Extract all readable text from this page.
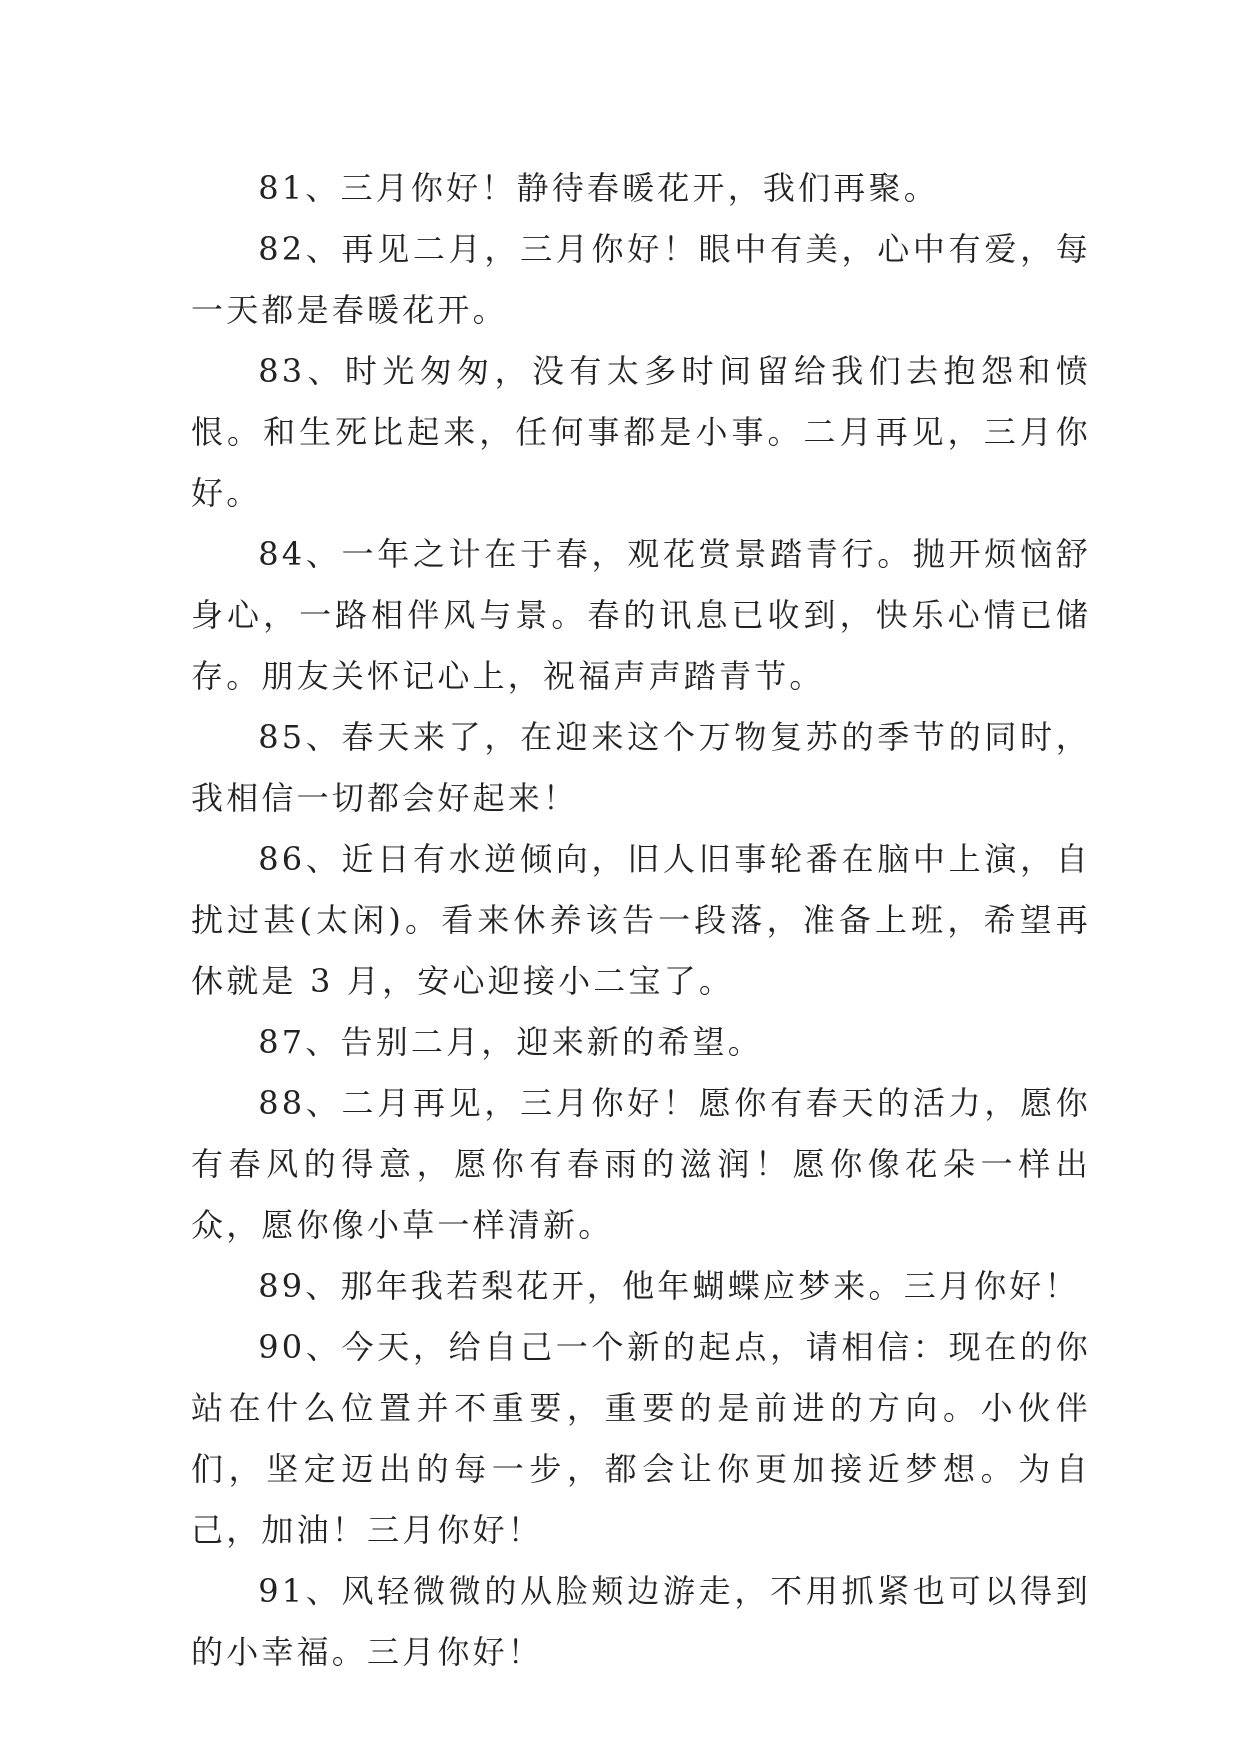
81、三月你好！静待春暖花开，我们再聚。

82、再见二月，三月你好！眼中有美，心中有爱，每一天都是春暖花开。

83、时光匆匆，没有太多时间留给我们去抱怨和愤恨。和生死比起来，任何事都是小事。二月再见，三月你好。

84、一年之计在于春，观花赏景踏青行。抛开烦恼舒身心，一路相伴风与景。春的讯息已收到，快乐心情已储存。朋友关怀记心上，祝福声声踏青节。

85、春天来了，在迎来这个万物复苏的季节的同时，我相信一切都会好起来！

86、近日有水逆倾向，旧人旧事轮番在脑中上演，自扰过甚(太闲)。看来休养该告一段落，准备上班，希望再休就是 3 月，安心迎接小二宝了。

87、告别二月，迎来新的希望。

88、二月再见，三月你好！愿你有春天的活力，愿你有春风的得意，愿你有春雨的滋润！愿你像花朵一样出众，愿你像小草一样清新。

89、那年我若梨花开，他年蝴蝶应梦来。三月你好！

90、今天，给自己一个新的起点，请相信：现在的你站在什么位置并不重要，重要的是前进的方向。小伙伴们，坚定迈出的每一步，都会让你更加接近梦想。为自己，加油！三月你好！

91、风轻微微的从脸颊边游走，不用抓紧也可以得到的小幸福。三月你好！
